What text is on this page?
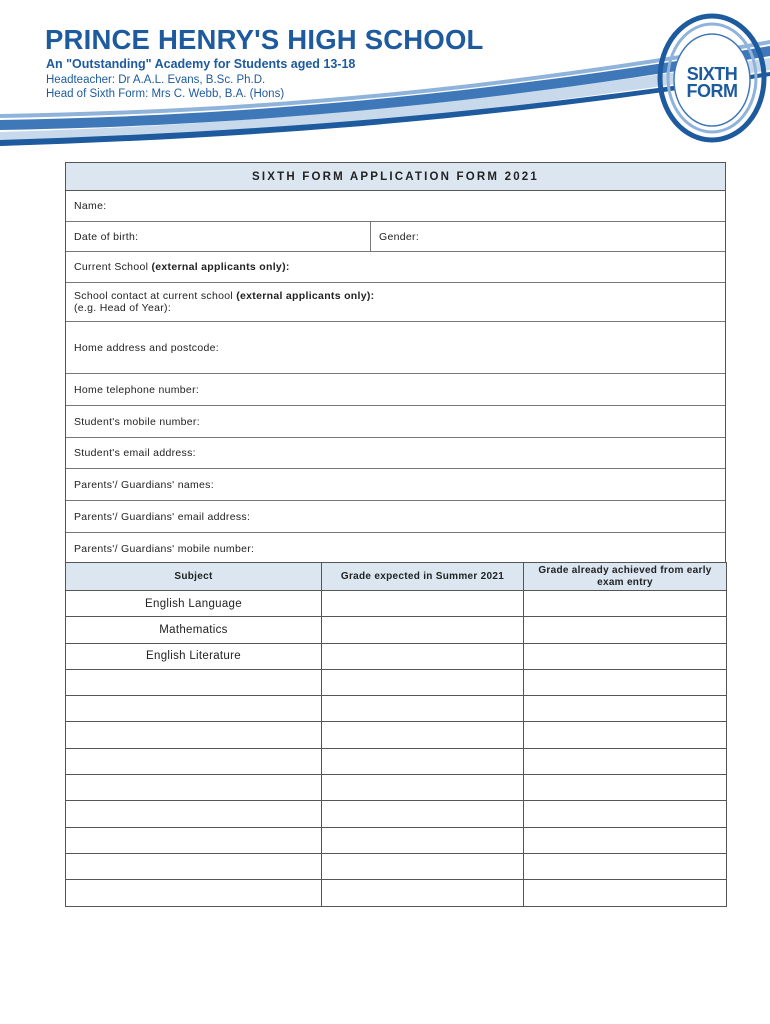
PRINCE HENRY'S HIGH SCHOOL
An "Outstanding" Academy for Students aged 13-18
Headteacher: Dr A.A.L. Evans, B.Sc. Ph.D.
Head of Sixth Form: Mrs C. Webb, B.A. (Hons)
SIXTH
FORM
SIXTH FORM APPLICATION FORM 2021
Name:
Date of birth:	Gender:
Current School
(external applicants only):
School contact at current school (external applicants only):
(e.g. Head of Year):
Home address and postcode:
Home telephone number:
Student's mobile number:
Student's email address:
Parents'/ Guardians' names:
Parents'/ Guardians' email address:
Parents'/ Guardians' mobile number:
Subject	Grade expected in Summer 2021	Grade already achieved from early exam entry
English Language		
Mathematics		
English Literature		
